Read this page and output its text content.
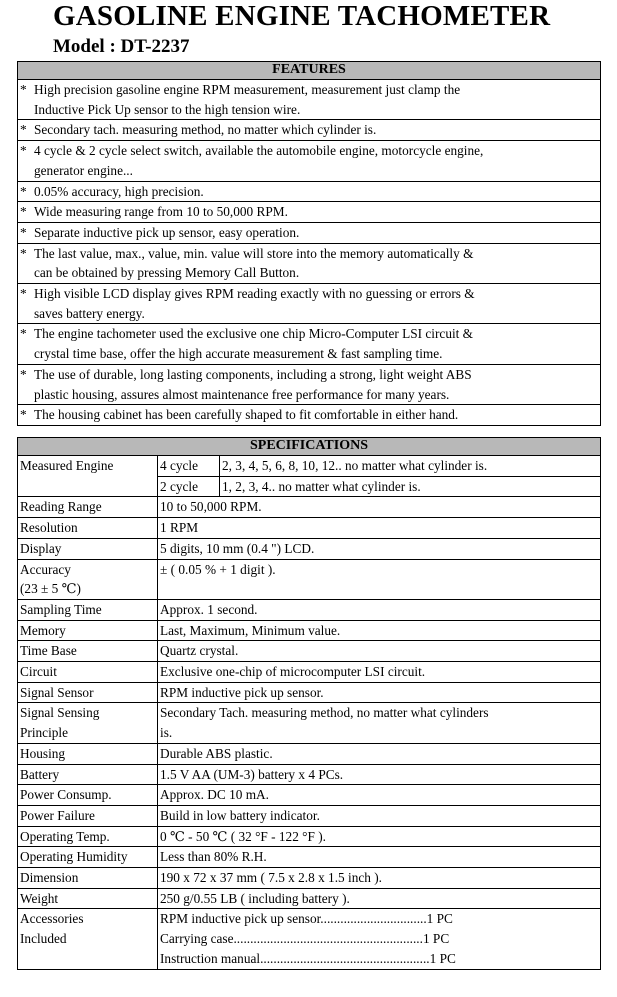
GASOLINE ENGINE TACHOMETER
Model : DT-2237
FEATURES
* High precision gasoline engine RPM measurement, measurement just clamp the
Inductive Pick Up sensor to the high tension wire.
* Secondary tach. measuring method, no matter which cylinder is.
* 4 cycle & 2 cycle select switch, available the automobile engine, motorcycle engine,
generator engine...
* 0.05% accuracy, high precision.
* Wide measuring range from 10 to 50,000 RPM.
* Separate inductive pick up sensor, easy operation.
* The last value, max., value, min. value will store into the memory automatically &
can be obtained by pressing Memory Call Button.
* High visible LCD display gives RPM reading exactly with no guessing or errors &
saves battery energy.
* The engine tachometer used the exclusive one chip Micro-Computer LSI circuit &
crystal time base, offer the high accurate measurement & fast sampling time.
* The use of durable, long lasting components, including a strong, light weight ABS
plastic housing, assures almost maintenance free performance for many years.
* The housing cabinet has been carefully shaped to fit comfortable in either hand.
SPECIFICATIONS		
Measured Engine	4 cycle	2, 3, 4, 5, 6, 8, 10, 12.. no matter what cylinder is.
	2 cycle	1, 2, 3, 4.. no matter what cylinder is.
Reading Range	10 to 50,000 RPM.	
Resolution	1 RPM	
Display	5 digits, 10 mm (0.4 ") LCD.	
Accuracy
(23 ± 5 ℃)	± ( 0.05 % + 1 digit ).	
Sampling Time	Approx. 1 second.	
Memory	Last, Maximum, Minimum value.	
Time Base	Quartz crystal.	
Circuit	Exclusive one-chip of microcomputer LSI circuit.	
Signal Sensor	RPM inductive pick up sensor.	
Signal Sensing
Principle	Secondary Tach. measuring method, no matter what cylinders
is.	
Housing	Durable ABS plastic.	
Battery	1.5 V AA (UM-3) battery x 4 PCs.	
Power Consump.	Approx. DC 10 mA.	
Power Failure	Build in low battery indicator.	
Operating Temp.	0 ℃ - 50 ℃ ( 32 °F - 122 °F ).	
Operating Humidity	Less than 80% R.H.	
Dimension	190 x 72 x 37 mm ( 7.5 x 2.8 x 1.5 inch ).	
Weight	250 g/0.55 LB ( including battery ).	
Accessories
Included	RPM inductive pick up sensor................................1 PC
Carrying case.........................................................1 PC
Instruction manual...................................................1 PC	
